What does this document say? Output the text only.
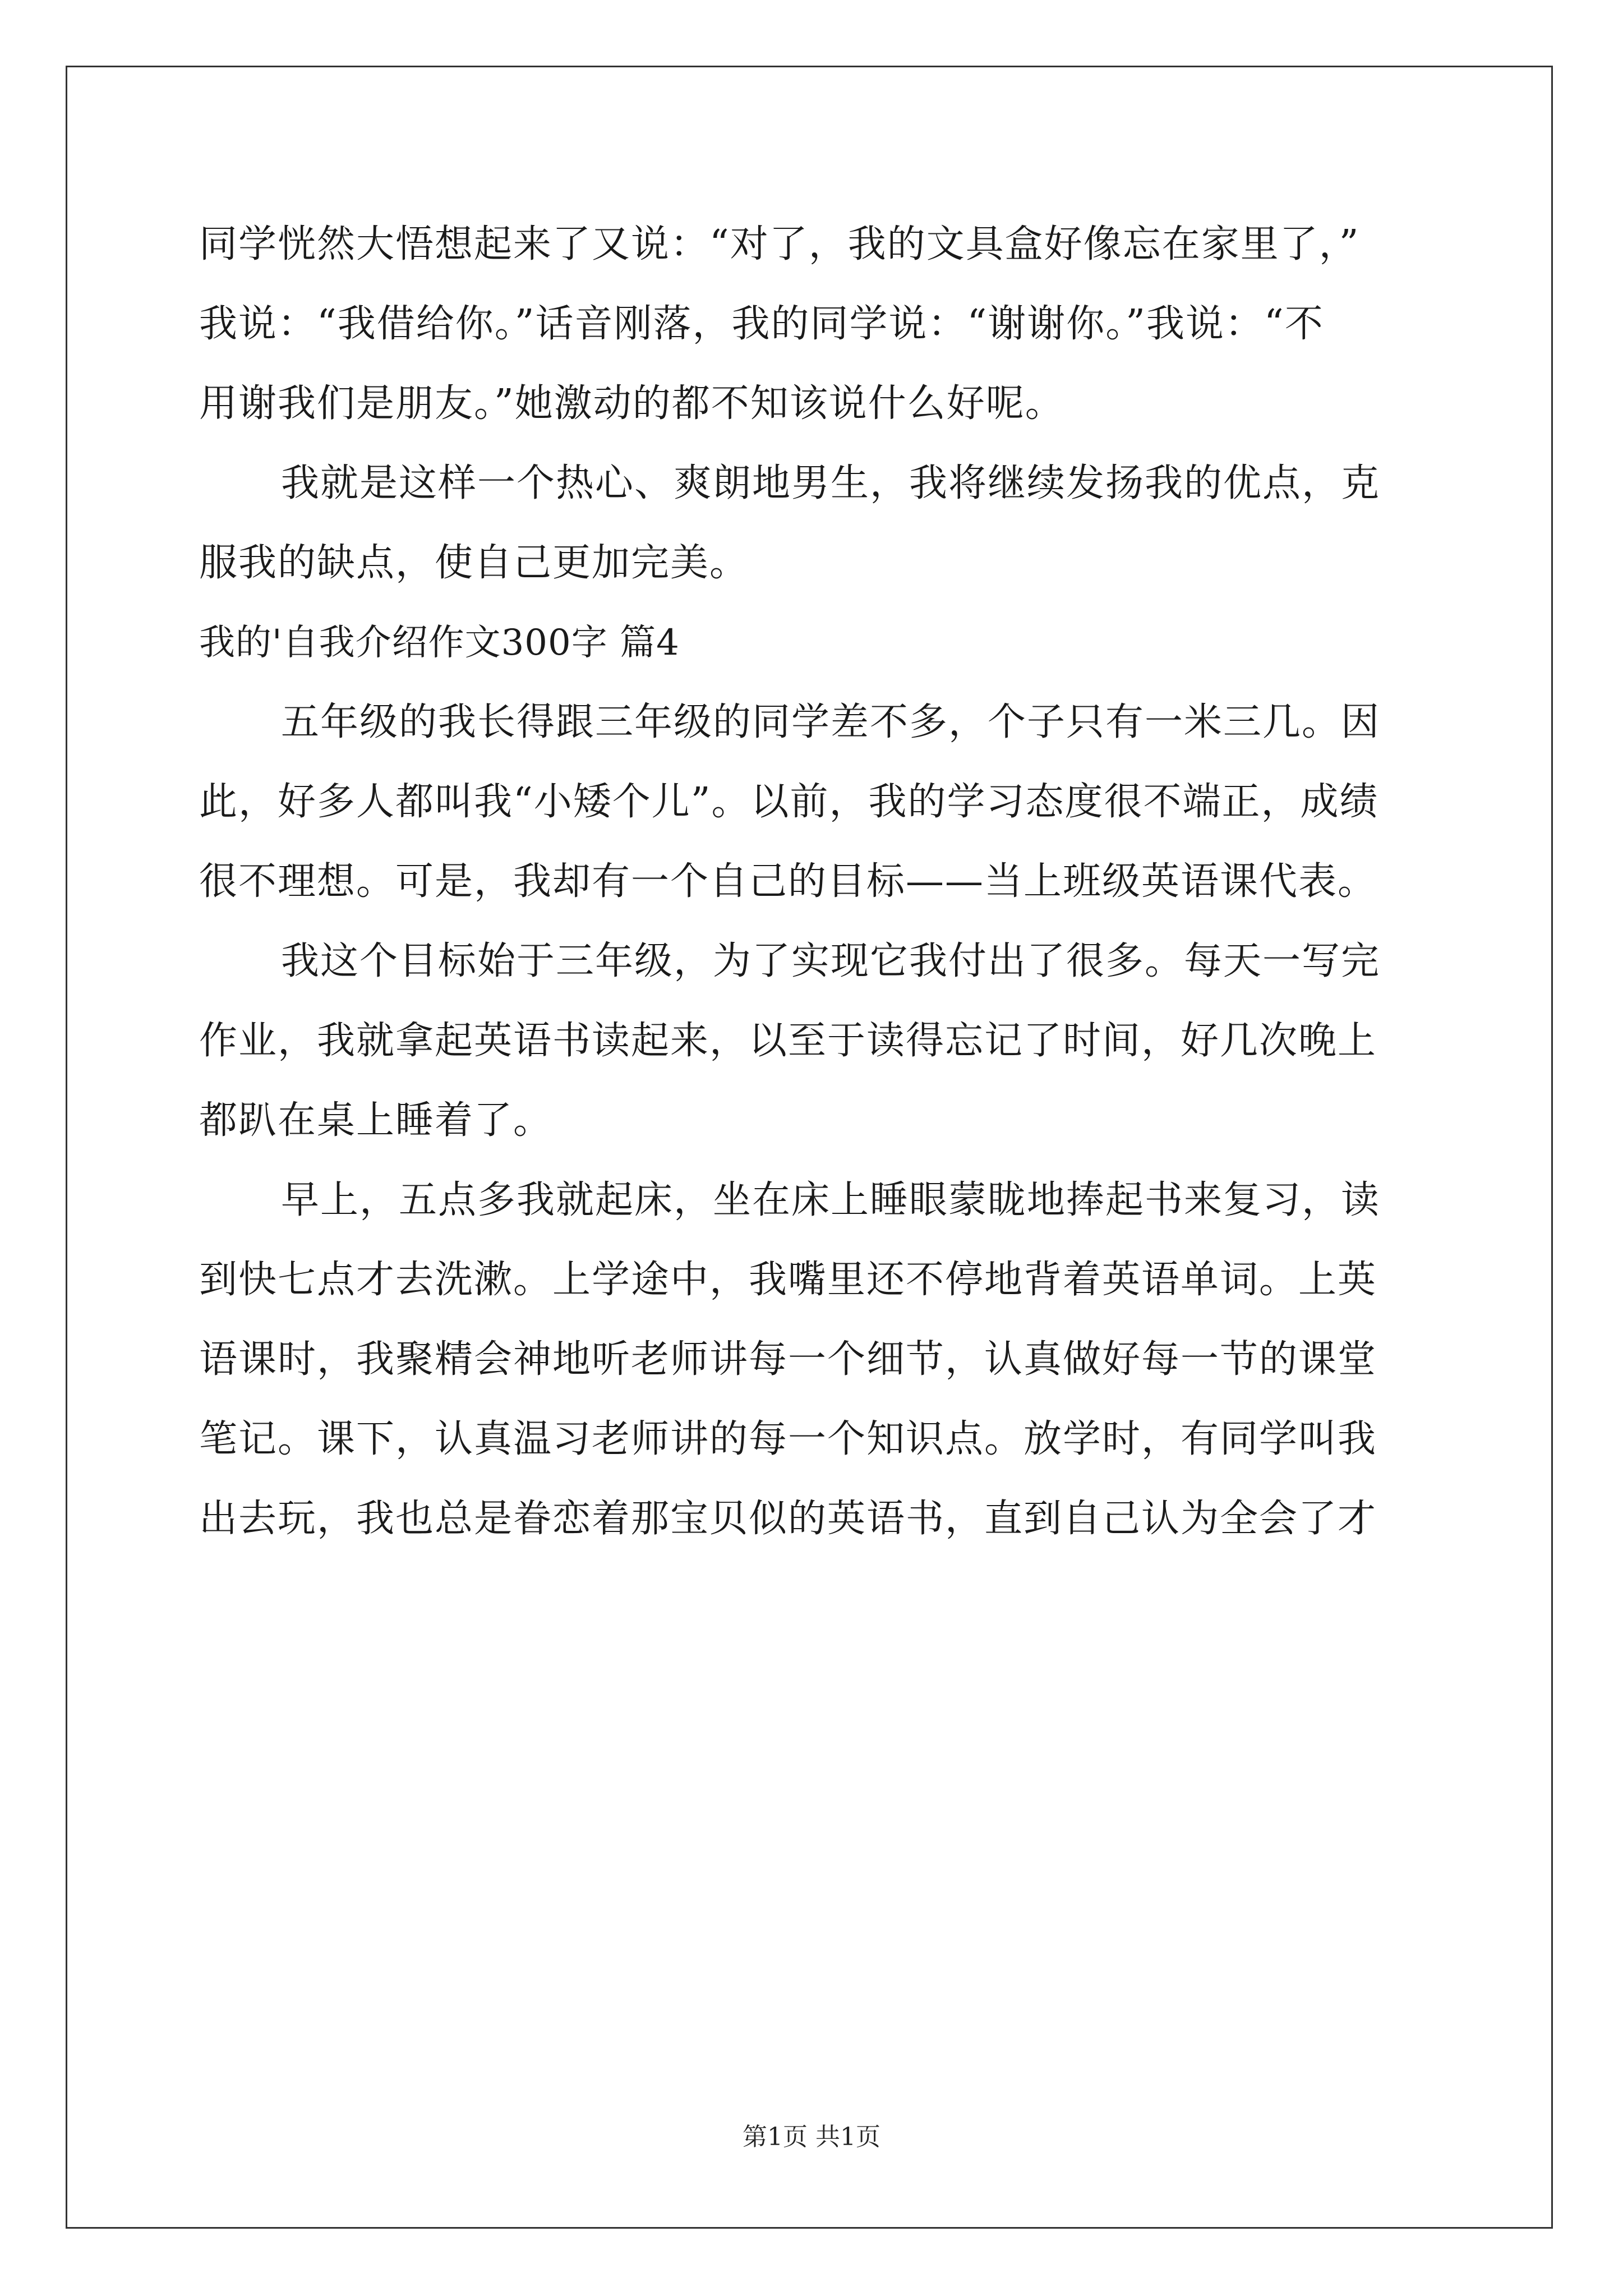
同学恍然大悟想起来了又说：“对了，我的文具盒好像忘在家里了，”
我说：“我借给你。”话音刚落，我的同学说：“谢谢你。”我说：“不
用谢我们是朋友。”她激动的都不知该说什么好呢。
我就是这样一个热心、爽朗地男生，我将继续发扬我的优点，克
服我的缺点，使自己更加完美。
我的'自我介绍作文300字 篇4
五年级的我长得跟三年级的同学差不多，个子只有一米三几。因
此，好多人都叫我“小矮个儿”。以前，我的学习态度很不端正，成绩
很不理想。可是，我却有一个自己的目标——当上班级英语课代表。
我这个目标始于三年级，为了实现它我付出了很多。每天一写完
作业，我就拿起英语书读起来，以至于读得忘记了时间，好几次晚上
都趴在桌上睡着了。
早上，五点多我就起床，坐在床上睡眼蒙眬地捧起书来复习，读
到快七点才去洗漱。上学途中，我嘴里还不停地背着英语单词。上英
语课时，我聚精会神地听老师讲每一个细节，认真做好每一节的课堂
笔记。课下，认真温习老师讲的每一个知识点。放学时，有同学叫我
出去玩，我也总是眷恋着那宝贝似的英语书，直到自己认为全会了才
第1页 共1页
